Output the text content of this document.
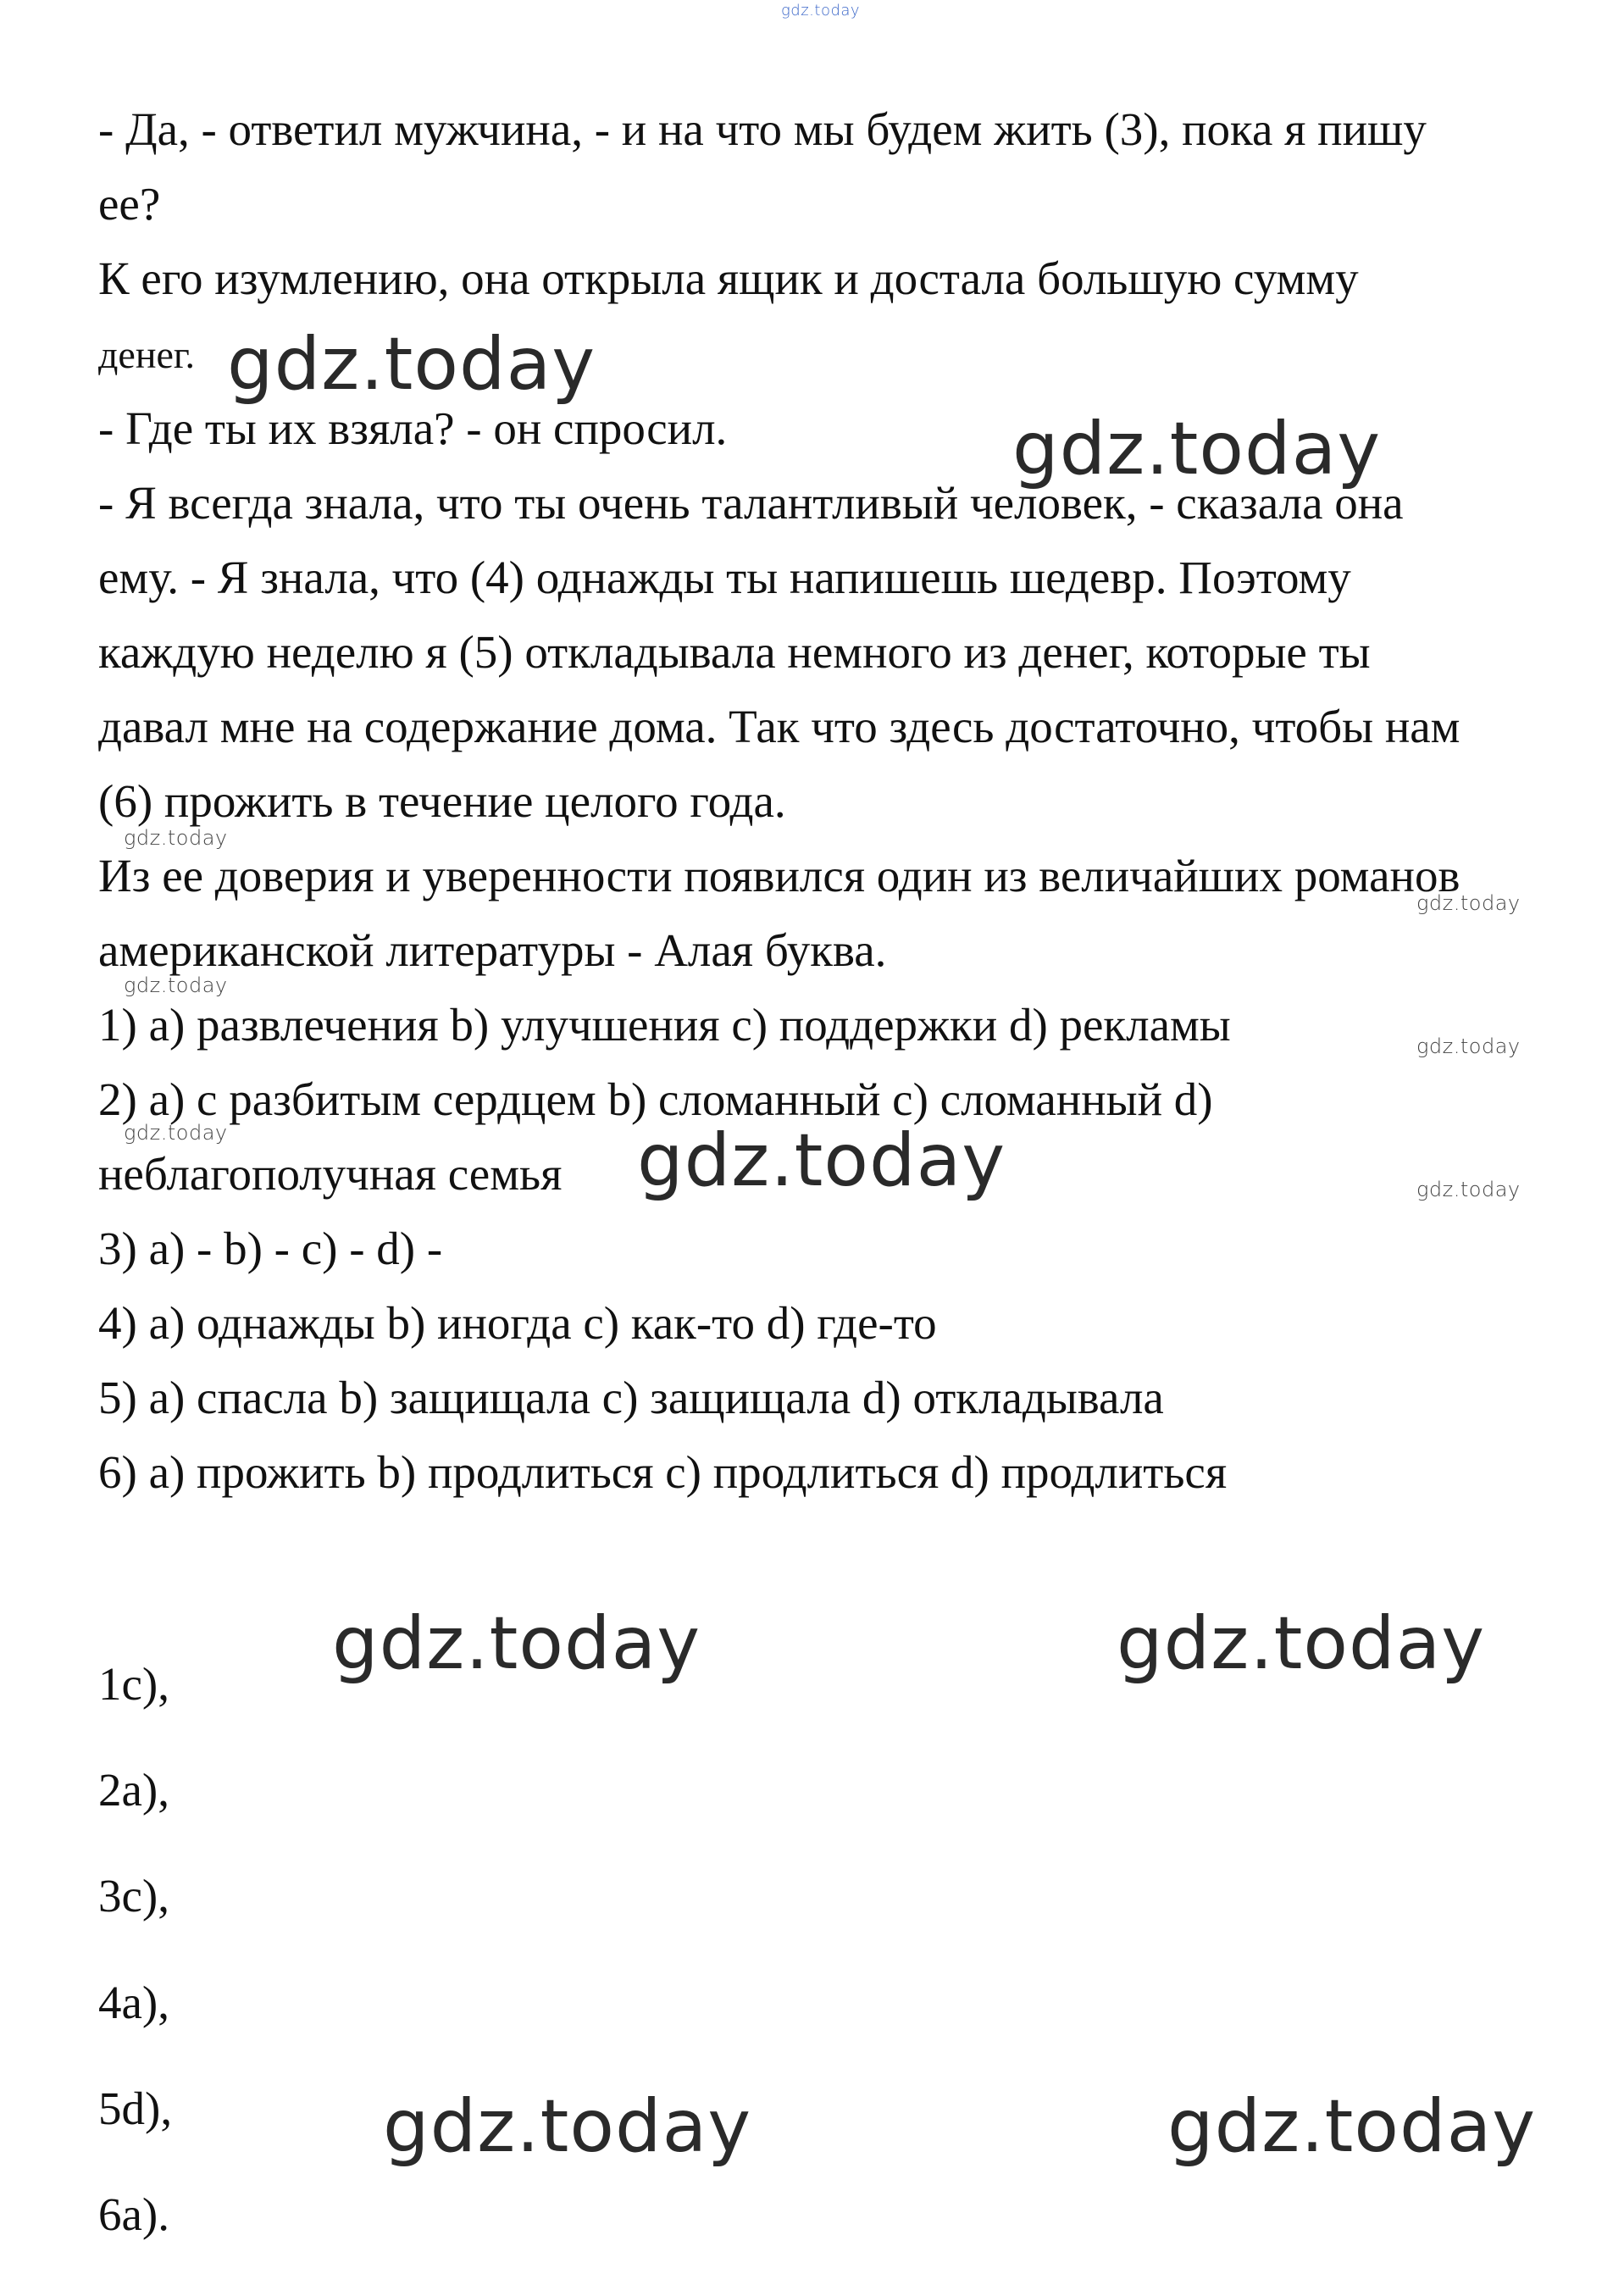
gdz.today
- Да, - ответил мужчина, - и на что мы будем жить (3), пока я пишу
ее?
К его изумлению, она открыла ящик и достала большую сумму
денег.
- Где ты их взяла? - он спросил.
- Я всегда знала, что ты очень талантливый человек, - сказала она
ему. - Я знала, что (4) однажды ты напишешь шедевр. Поэтому
каждую неделю я (5) откладывала немного из денег, которые ты
давал мне на содержание дома. Так что здесь достаточно, чтобы нам
(6) прожить в течение целого года.
Из ее доверия и уверенности появился один из величайших романов
американской литературы - Алая буква.
1) a) развлечения b) улучшения c) поддержки d) рекламы
2) a) с разбитым сердцем b) сломанный c) сломанный d)
неблагополучная семья
3) a) - b) - c) - d) -
4) a) однажды b) иногда c) как-то d) где-то
5) a) спасла b) защищала c) защищала d) откладывала
6) a) прожить b) продлиться c) продлиться d) продлиться
1c),
2a),
3c),
4a),
5d),
6a).
gdz.today
gdz.today
gdz.today
gdz.today	gdz.today
gdz.today	gdz.today
gdz.today
gdz.today
gdz.today
gdz.today
gdz.today
gdz.today
